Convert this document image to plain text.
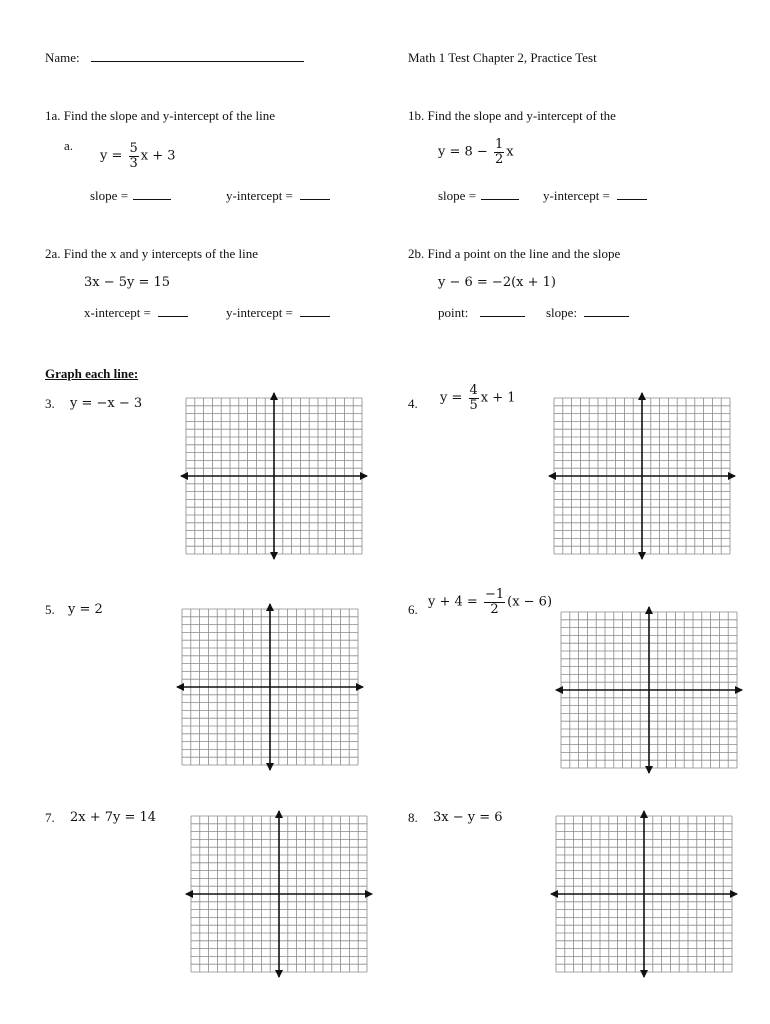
Name:	Math 1 Test Chapter 2, Practice Test
1a. Find the slope and y-intercept of the line
a.
$y = \frac{5}{3}$ x + 3
slope =	y-intercept =
1b. Find the slope and y-intercept of the
$y = 8 - \frac{1}{2}$ x
slope =	y-intercept =
2a. Find the x and y intercepts of the line
3x − 5y = 15
x-intercept =	y-intercept =
2b. Find a point on the line and the slope
y − 6 = −2(x + 1)
point:	slope:
Graph each line:
3. y = −x − 3	4. $y = \frac{4}{5}$ x + 1
5. y = 2	6. $y + 4 = \frac{-1}{2} (x - 6)$
7. 2x + 7y = 14	8. 3x − y = 6
